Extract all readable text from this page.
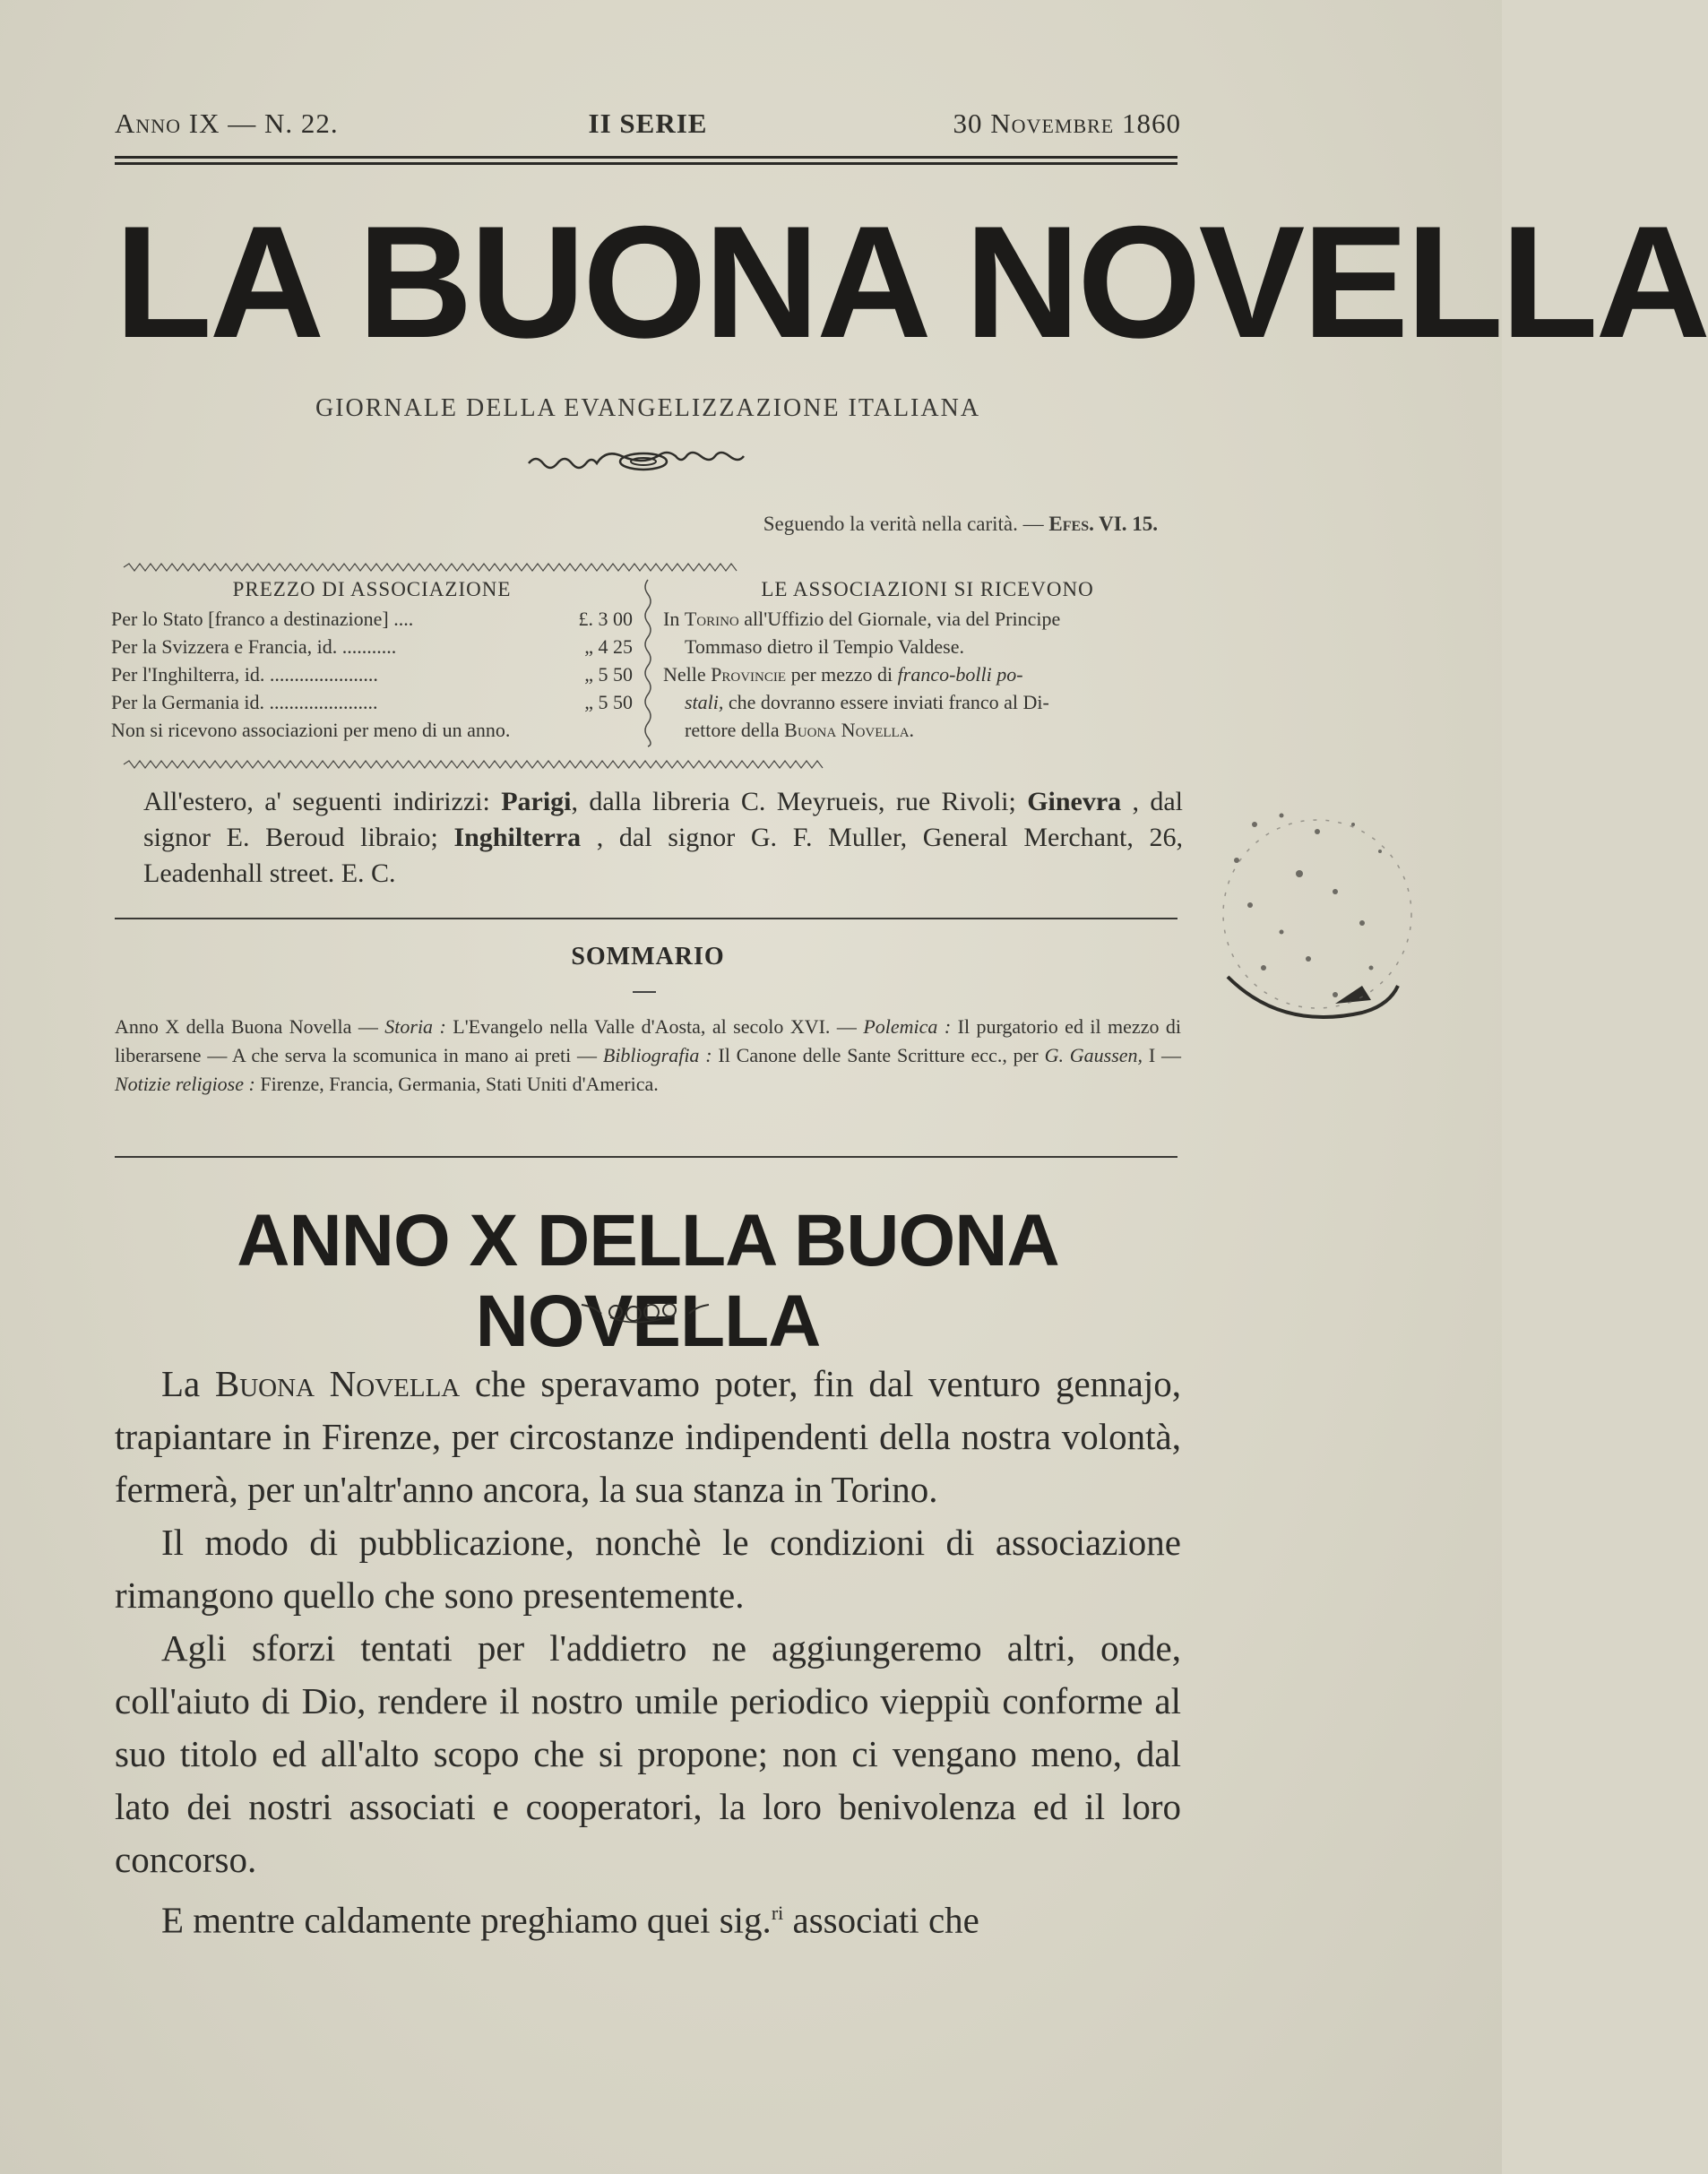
Anno IX — N. 22.	II SERIE	30 Novembre 1860
LA BUONA NOVELLA
GIORNALE DELLA EVANGELIZZAZIONE ITALIANA
Seguendo la verità nella carità. — Efes. VI. 15.
PREZZO DI ASSOCIAZIONE
Per lo Stato [franco a destinazione] ....	£. 3 00
Per la Svizzera e Francia, id. ...........	„ 4 25
Per l'Inghilterra, id. ......................	„ 5 50
Per la Germania id. ......................	„ 5 50
Non si ricevono associazioni per meno di un anno.
LE ASSOCIAZIONI SI RICEVONO
In Torino all'Uffizio del Giornale, via del Principe
Tommaso dietro il Tempio Valdese.
Nelle Provincie per mezzo di franco-bolli po-
stali, che dovranno essere inviati franco al Di-
rettore della Buona Novella.
All'estero, a' seguenti indirizzi: Parigi, dalla libreria C. Meyrueis, rue Rivoli; Ginevra , dal signor E. Beroud libraio; Inghilterra , dal signor G. F. Muller, General Merchant, 26, Leadenhall street. E. C.
SOMMARIO
Anno X della Buona Novella — Storia : L'Evangelo nella Valle d'Aosta, al secolo XVI. — Polemica : Il purgatorio ed il mezzo di liberarsene — A che serva la scomunica in mano ai preti — Bibliografia : Il Canone delle Sante Scritture ecc., per G. Gaussen, I — Notizie religiose : Firenze, Francia, Germania, Stati Uniti d'America.
ANNO X DELLA BUONA NOVELLA

La Buona Novella che speravamo poter, fin dal venturo gennajo, trapiantare in Firenze, per circostanze indipendenti della nostra volontà, fermerà, per un'altr'anno ancora, la sua stanza in Torino.

Il modo di pubblicazione, nonchè le condizioni di associazione rimangono quello che sono presentemente.

Agli sforzi tentati per l'addietro ne aggiungeremo altri, onde, coll'aiuto di Dio, rendere il nostro umile periodico vieppiù conforme al suo titolo ed all'alto scopo che si propone; non ci vengano meno, dal lato dei nostri associati e cooperatori, la loro benivolenza ed il loro concorso.

E mentre caldamente preghiamo quei sig.$^{ri}$ associati che
